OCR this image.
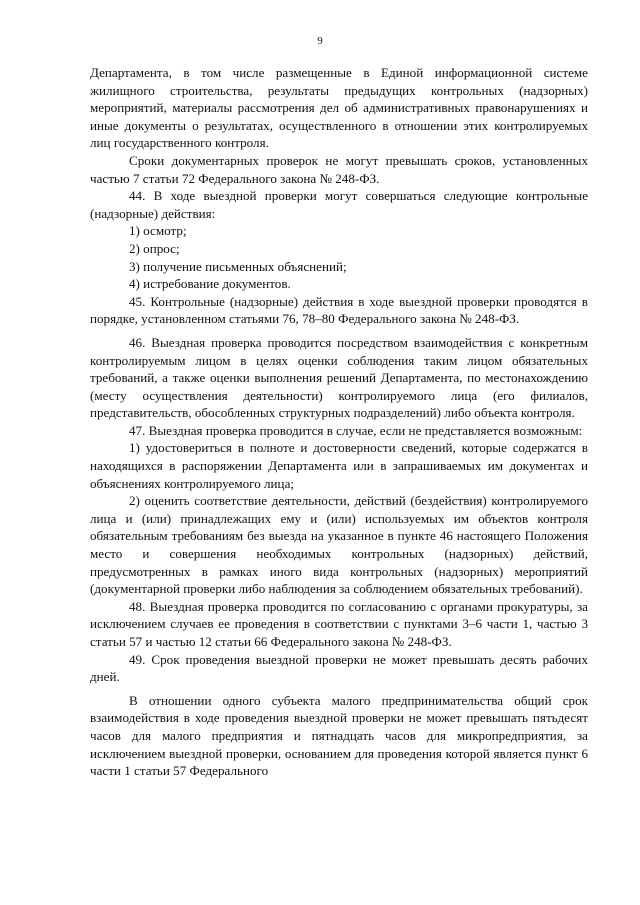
9

Департамента, в том числе размещенные в Единой информационной системе жилищного строительства, результаты предыдущих контрольных (надзорных) мероприятий, материалы рассмотрения дел об административных правонарушениях и иные документы о результатах, осуществленного в отношении этих контролируемых лиц государственного контроля.

Сроки документарных проверок не могут превышать сроков, установленных частью 7 статьи 72 Федерального закона № 248-ФЗ.

44. В ходе выездной проверки могут совершаться следующие контрольные (надзорные) действия:

1) осмотр;

2) опрос;

3) получение письменных объяснений;

4) истребование документов.

45. Контрольные (надзорные) действия в ходе выездной проверки проводятся в порядке, установленном статьями 76, 78–80 Федерального закона № 248-ФЗ.

46. Выездная проверка проводится посредством взаимодействия с конкретным контролируемым лицом в целях оценки соблюдения таким лицом обязательных требований, а также оценки выполнения решений Департамента, по местонахождению (месту осуществления деятельности) контролируемого лица (его филиалов, представительств, обособленных структурных подразделений) либо объекта контроля.

47. Выездная проверка проводится в случае, если не представляется возможным:

1) удостовериться в полноте и достоверности сведений, которые содержатся в находящихся в распоряжении Департамента или в запрашиваемых им документах и объяснениях контролируемого лица;

2) оценить соответствие деятельности, действий (бездействия) контролируемого лица и (или) принадлежащих ему и (или) используемых им объектов контроля обязательным требованиям без выезда на указанное в пункте 46 настоящего Положения место и совершения необходимых контрольных (надзорных) действий, предусмотренных в рамках иного вида контрольных (надзорных) мероприятий (документарной проверки либо наблюдения за соблюдением обязательных требований).

48. Выездная проверка проводится по согласованию с органами прокуратуры, за исключением случаев ее проведения в соответствии с пунктами 3–6 части 1, частью 3 статьи 57 и частью 12 статьи 66 Федерального закона № 248-ФЗ.

49. Срок проведения выездной проверки не может превышать десять рабочих дней.

В отношении одного субъекта малого предпринимательства общий срок взаимодействия в ходе проведения выездной проверки не может превышать пятьдесят часов для малого предприятия и пятнадцать часов для микропредприятия, за исключением выездной проверки, основанием для проведения которой является пункт 6 части 1 статьи 57 Федерального
